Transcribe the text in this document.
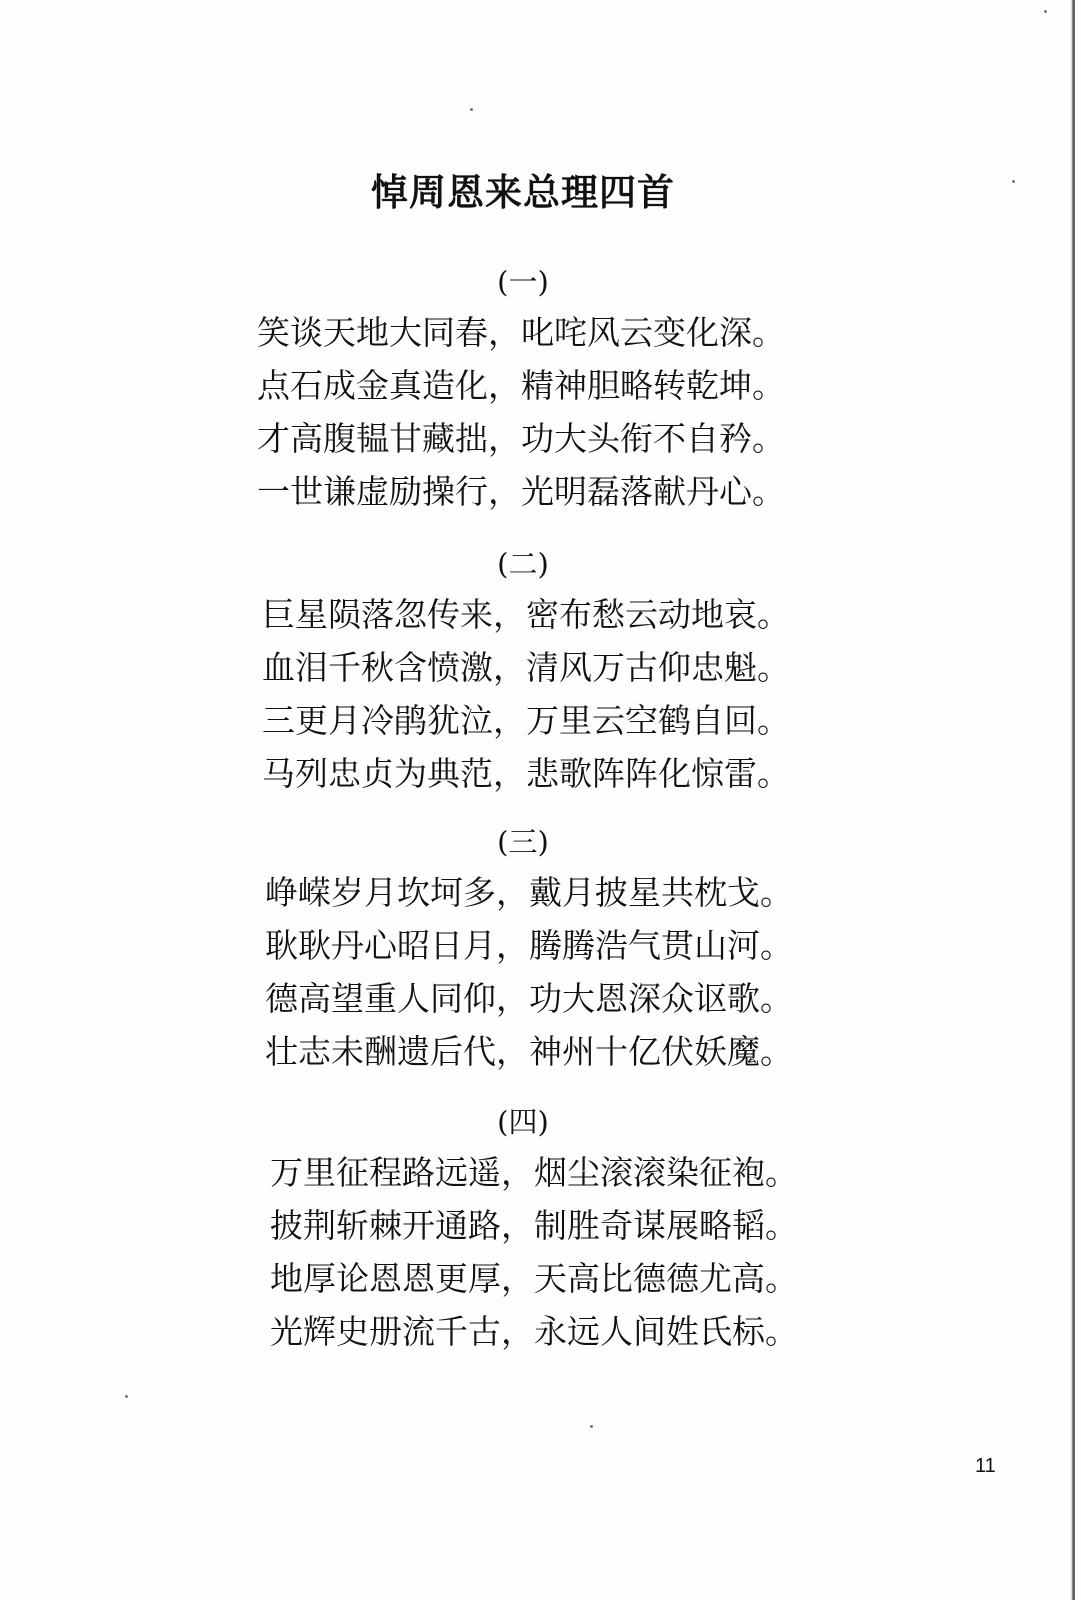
悼周恩来总理四首

(一)

笑谈天地大同春，叱咤风云变化深。

点石成金真造化，精神胆略转乾坤。

才高腹韫甘藏拙，功大头衔不自矜。

一世谦虚励操行，光明磊落献丹心。

(二)

巨星陨落忽传来，密布愁云动地哀。

血泪千秋含愤激，清风万古仰忠魁。

三更月冷鹃犹泣，万里云空鹤自回。

马列忠贞为典范，悲歌阵阵化惊雷。

(三)

峥嵘岁月坎坷多，戴月披星共枕戈。

耿耿丹心昭日月，腾腾浩气贯山河。

德高望重人同仰，功大恩深众讴歌。

壮志未酬遗后代，神州十亿伏妖魔。

(四)

万里征程路远遥，烟尘滚滚染征袍。

披荆斩棘开通路，制胜奇谋展略韬。

地厚论恩恩更厚，天高比德德尤高。

光辉史册流千古，永远人间姓氏标。

11
